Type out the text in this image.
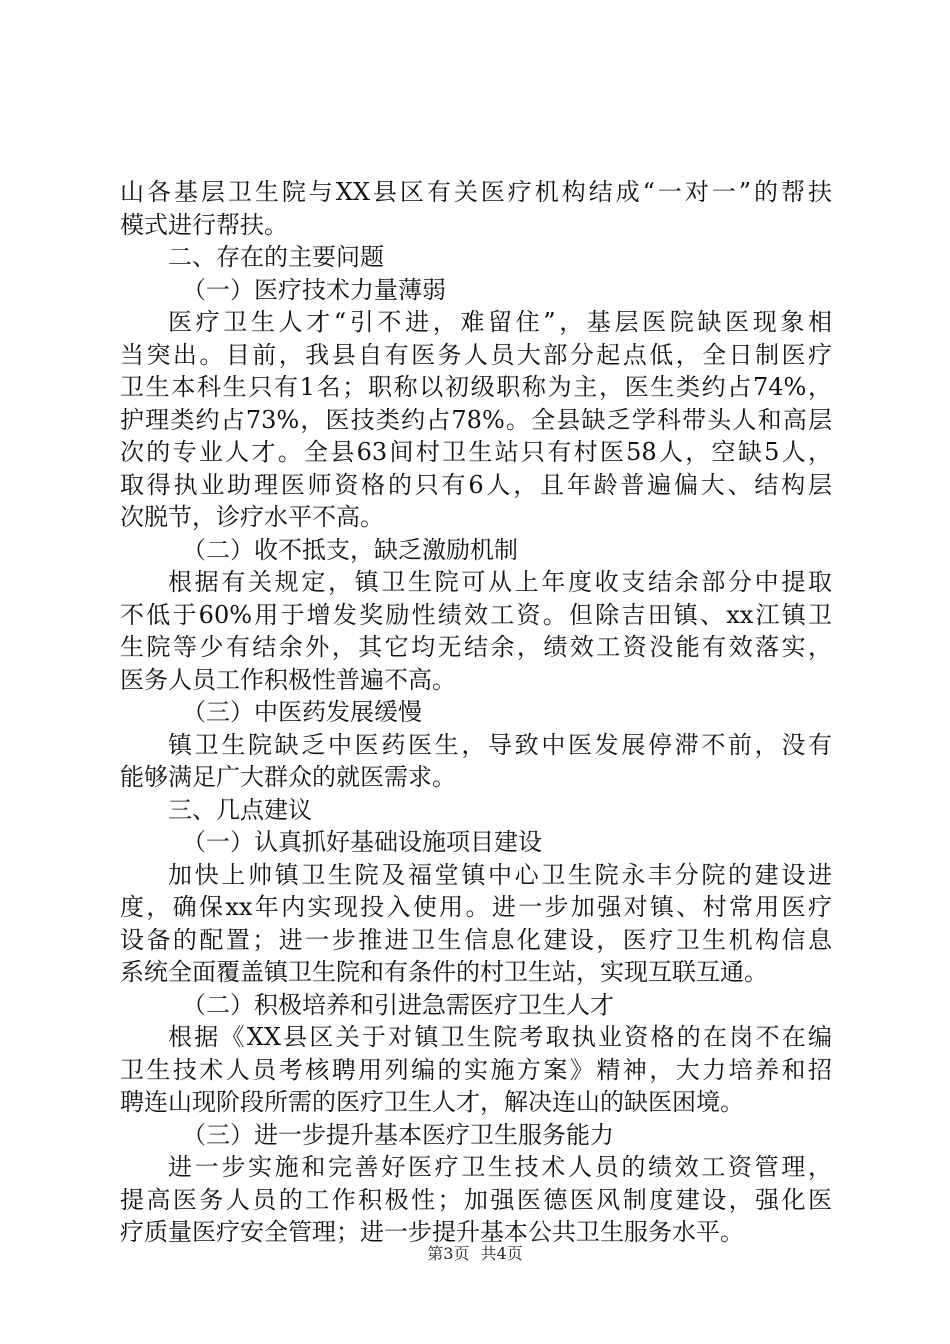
山各基层卫生院与XX县区有关医疗机构结成“一对一”的帮扶
模式进行帮扶。
二、存在的主要问题
（一）医疗技术力量薄弱
医疗卫生人才“引不进，难留住”，基层医院缺医现象相
当突出。目前，我县自有医务人员大部分起点低，全日制医疗
卫生本科生只有1名；职称以初级职称为主，医生类约占74%，
护理类约占73%，医技类约占78%。全县缺乏学科带头人和高层
次的专业人才。全县63间村卫生站只有村医58人，空缺5人，
取得执业助理医师资格的只有6人，且年龄普遍偏大、结构层
次脱节，诊疗水平不高。
（二）收不抵支，缺乏激励机制
根据有关规定，镇卫生院可从上年度收支结余部分中提取
不低于60%用于增发奖励性绩效工资。但除吉田镇、xx江镇卫
生院等少有结余外，其它均无结余，绩效工资没能有效落实，
医务人员工作积极性普遍不高。
（三）中医药发展缓慢
镇卫生院缺乏中医药医生，导致中医发展停滞不前，没有
能够满足广大群众的就医需求。
三、几点建议
（一）认真抓好基础设施项目建设
加快上帅镇卫生院及福堂镇中心卫生院永丰分院的建设进
度，确保xx年内实现投入使用。进一步加强对镇、村常用医疗
设备的配置；进一步推进卫生信息化建设，医疗卫生机构信息
系统全面覆盖镇卫生院和有条件的村卫生站，实现互联互通。
（二）积极培养和引进急需医疗卫生人才
根据《XX县区关于对镇卫生院考取执业资格的在岗不在编
卫生技术人员考核聘用列编的实施方案》精神，大力培养和招
聘连山现阶段所需的医疗卫生人才，解决连山的缺医困境。
（三）进一步提升基本医疗卫生服务能力
进一步实施和完善好医疗卫生技术人员的绩效工资管理，
提高医务人员的工作积极性；加强医德医风制度建设，强化医
疗质量医疗安全管理；进一步提升基本公共卫生服务水平。
第3页 共4页
